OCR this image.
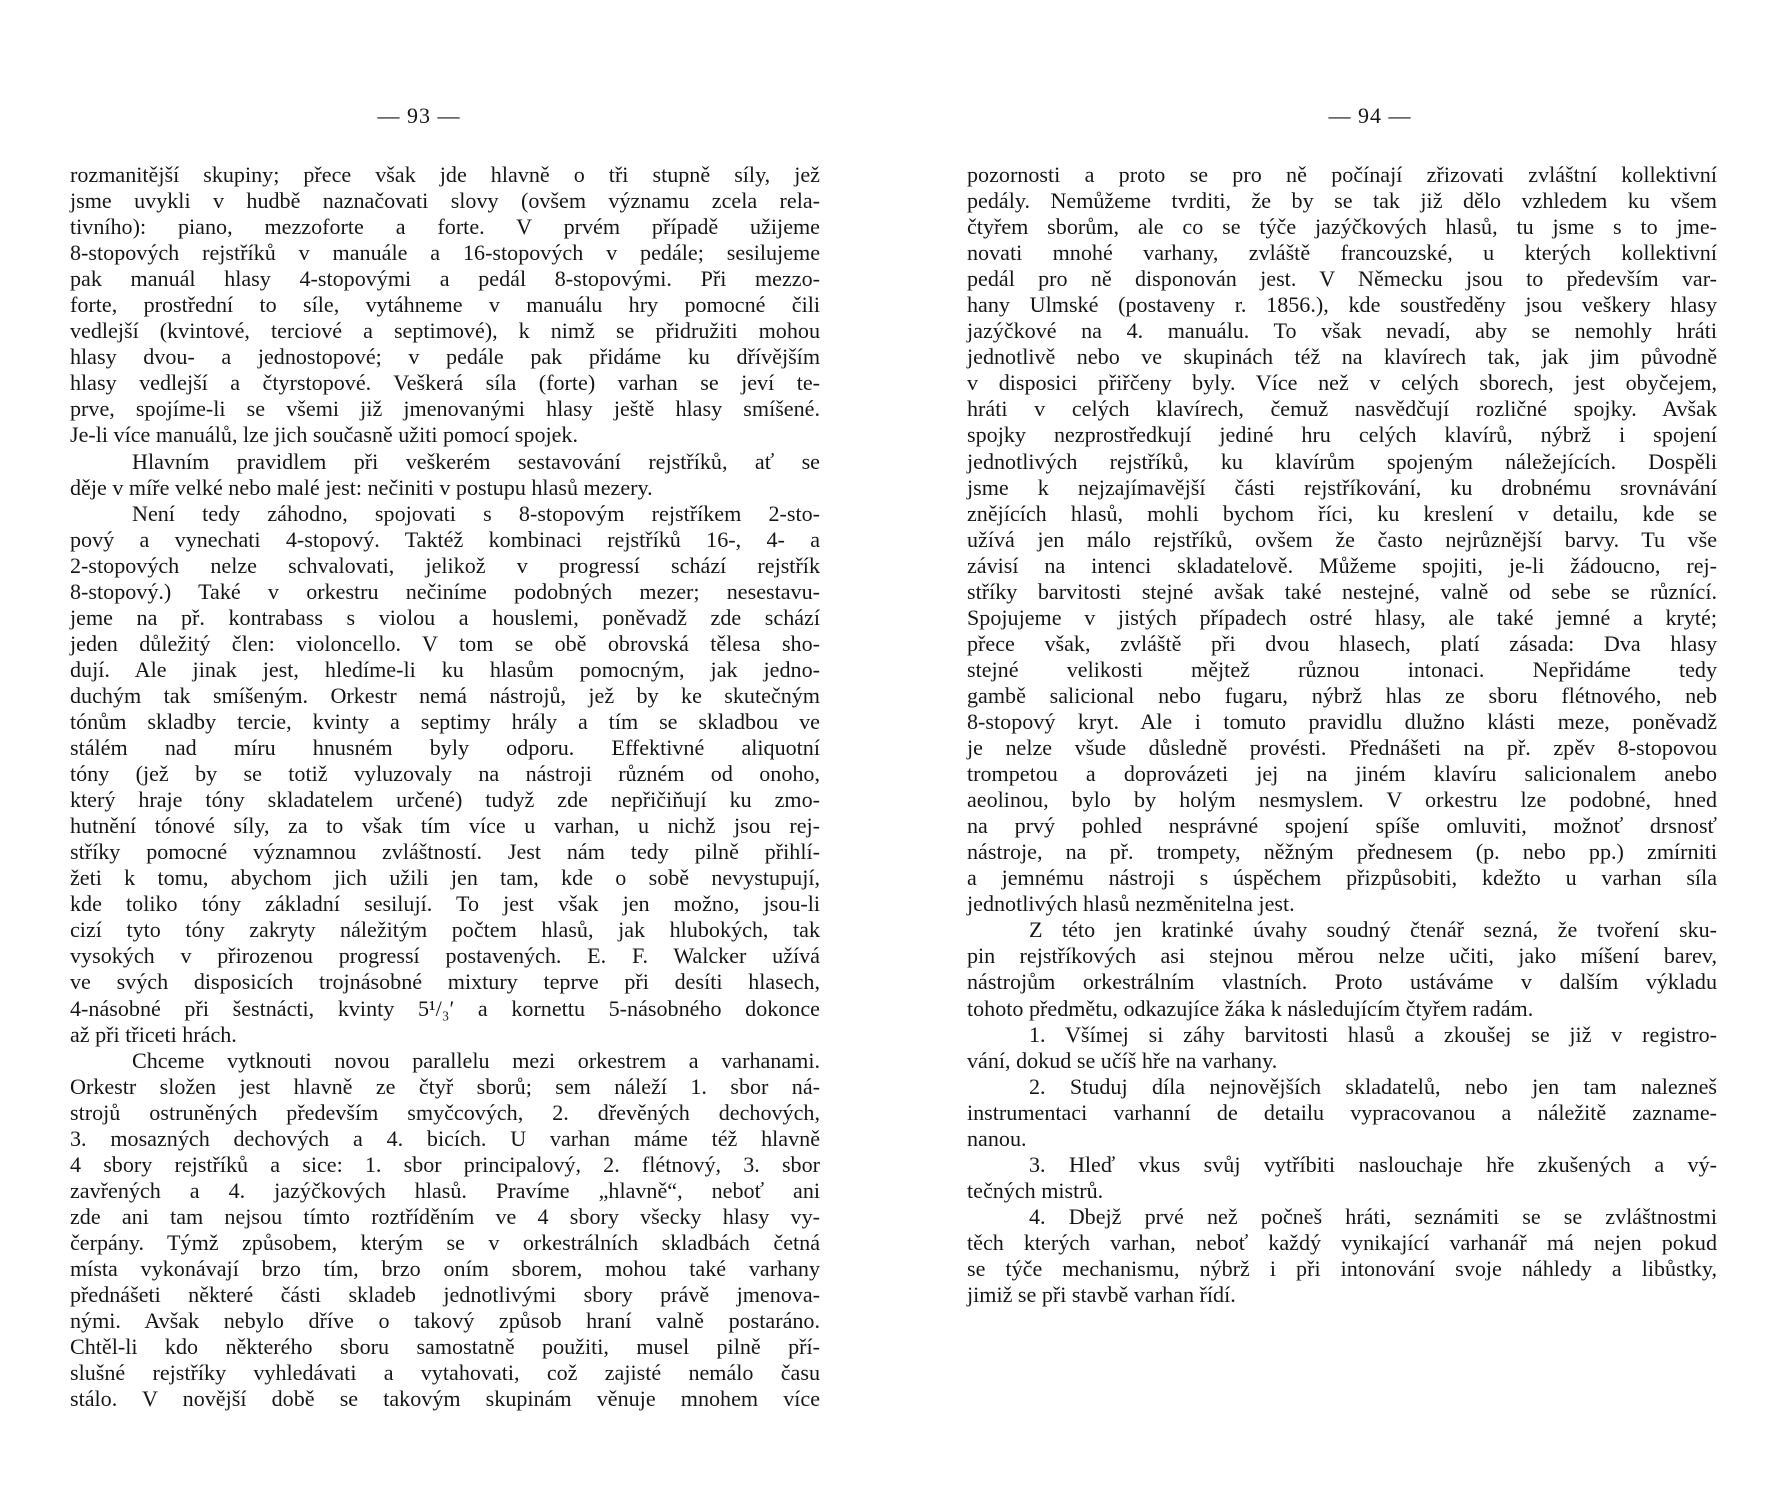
— 93 —
rozmanitější skupiny; přece však jde hlavně o tři stupně síly, jež
jsme uvykli v hudbě naznačovati slovy (ovšem významu zcela rela-
tivního): piano, mezzoforte a forte. V prvém případě užijeme
8-stopových rejstříků v manuále a 16-stopových v pedále; sesilujeme
pak manuál hlasy 4-stopovými a pedál 8-stopovými. Při mezzo-
forte, prostřední to síle, vytáhneme v manuálu hry pomocné čili
vedlejší (kvintové, terciové a septimové), k nimž se přidružiti mohou
hlasy dvou- a jednostopové; v pedále pak přidáme ku dřívějším
hlasy vedlejší a čtyrstopové. Veškerá síla (forte) varhan se jeví te-
prve, spojíme-li se všemi již jmenovanými hlasy ještě hlasy smíšené.
Je-li více manuálů, lze jich současně užiti pomocí spojek.
Hlavním pravidlem při veškerém sestavování rejstříků, ať se
děje v míře velké nebo malé jest: nečiniti v postupu hlasů mezery.
Není tedy záhodno, spojovati s 8-stopovým rejstříkem 2-sto-
pový a vynechati 4-stopový. Taktéž kombinaci rejstříků 16-, 4- a
2-stopových nelze schvalovati, jelikož v progressí schází rejstřík
8-stopový.) Také v orkestru nečiníme podobných mezer; nesestavu-
jeme na př. kontrabass s violou a houslemi, poněvadž zde schází
jeden důležitý člen: violoncello. V tom se obě obrovská tělesa sho-
dují. Ale jinak jest, hledíme-li ku hlasům pomocným, jak jedno-
duchým tak smíšeným. Orkestr nemá nástrojů, jež by ke skutečným
tónům skladby tercie, kvinty a septimy hrály a tím se skladbou ve
stálém nad míru hnusném byly odporu. Effektivné aliquotní
tóny (jež by se totiž vyluzovaly na nástroji různém od onoho,
který hraje tóny skladatelem určené) tudyž zde nepřičiňují ku zmo-
hutnění tónové síly, za to však tím více u varhan, u nichž jsou rej-
stříky pomocné významnou zvláštností. Jest nám tedy pilně přihlí-
žeti k tomu, abychom jich užili jen tam, kde o sobě nevystupují,
kde toliko tóny základní sesilují. To jest však jen možno, jsou-li
cizí tyto tóny zakryty náležitým počtem hlasů, jak hlubokých, tak
vysokých v přirozenou progressí postavených. E. F. Walcker užívá
ve svých disposicích trojnásobné mixtury teprve při desíti hlasech,
4-násobné při šestnácti, kvinty 5¹/₃′ a kornettu 5-násobného dokonce
až při třiceti hrách.
Chceme vytknouti novou parallelu mezi orkestrem a varhanami.
Orkestr složen jest hlavně ze čtyř sborů; sem náleží 1. sbor ná-
strojů ostruněných především smyčcových, 2. dřevěných dechových,
3. mosazných dechových a 4. bicích. U varhan máme též hlavně
4 sbory rejstříků a sice: 1. sbor principalový, 2. flétnový, 3. sbor
zavřených a 4. jazýčkových hlasů. Pravíme „hlavně“, neboť ani
zde ani tam nejsou tímto roztříděním ve 4 sbory všecky hlasy vy-
čerpány. Týmž způsobem, kterým se v orkestrálních skladbách četná
místa vykonávají brzo tím, brzo oním sborem, mohou také varhany
přednášeti některé části skladeb jednotlivými sbory právě jmenova-
nými. Avšak nebylo dříve o takový způsob hraní valně postaráno.
Chtěl-li kdo některého sboru samostatně použiti, musel pilně pří-
slušné rejstříky vyhledávati a vytahovati, což zajisté nemálo času
stálo. V novější době se takovým skupinám věnuje mnohem více
— 94 —
pozornosti a proto se pro ně počínají zřizovati zvláštní kollektivní
pedály. Nemůžeme tvrditi, že by se tak již dělo vzhledem ku všem
čtyřem sborům, ale co se týče jazýčkových hlasů, tu jsme s to jme-
novati mnohé varhany, zvláště francouzské, u kterých kollektivní
pedál pro ně disponován jest. V Německu jsou to především var-
hany Ulmské (postaveny r. 1856.), kde soustředěny jsou veškery hlasy
jazýčkové na 4. manuálu. To však nevadí, aby se nemohly hráti
jednotlivě nebo ve skupinách též na klavírech tak, jak jim původně
v disposici přiřčeny byly. Více než v celých sborech, jest obyčejem,
hráti v celých klavírech, čemuž nasvědčují rozličné spojky. Avšak
spojky nezprostředkují jediné hru celých klavírů, nýbrž i spojení
jednotlivých rejstříků, ku klavírům spojeným náležejících. Dospěli
jsme k nejzajímavější části rejstříkování, ku drobnému srovnávání
znějících hlasů, mohli bychom říci, ku kreslení v detailu, kde se
užívá jen málo rejstříků, ovšem že často nejrůznější barvy. Tu vše
závisí na intenci skladatelově. Můžeme spojiti, je-li žádoucno, rej-
stříky barvitosti stejné avšak také nestejné, valně od sebe se různící.
Spojujeme v jistých případech ostré hlasy, ale také jemné a kryté;
přece však, zvláště při dvou hlasech, platí zásada: Dva hlasy
stejné velikosti mějtež různou intonaci. Nepřidáme tedy
gambě salicional nebo fugaru, nýbrž hlas ze sboru flétnového, neb
8-stopový kryt. Ale i tomuto pravidlu dlužno klásti meze, poněvadž
je nelze všude důsledně provésti. Přednášeti na př. zpěv 8-stopovou
trompetou a doprovázeti jej na jiném klavíru salicionalem anebo
aeolinou, bylo by holým nesmyslem. V orkestru lze podobné, hned
na prvý pohled nesprávné spojení spíše omluviti, možnoť drsnosť
nástroje, na př. trompety, něžným přednesem (p. nebo pp.) zmírniti
a jemnému nástroji s úspěchem přizpůsobiti, kdežto u varhan síla
jednotlivých hlasů nezměnitelna jest.
Z této jen kratinké úvahy soudný čtenář sezná, že tvoření sku-
pin rejstříkových asi stejnou měrou nelze učiti, jako míšení barev,
nástrojům orkestrálním vlastních. Proto ustáváme v dalším výkladu
tohoto předmětu, odkazujíce žáka k následujícím čtyřem radám.
1. Všímej si záhy barvitosti hlasů a zkoušej se již v registro-
vání, dokud se učíš hře na varhany.
2. Studuj díla nejnovějších skladatelů, nebo jen tam nalezneš
instrumentaci varhanní de detailu vypracovanou a náležitě zazname-
nanou.
3. Hleď vkus svůj vytříbiti naslouchaje hře zkušených a vý-
tečných mistrů.
4. Dbejž prvé než počneš hráti, seznámiti se se zvláštnostmi
těch kterých varhan, neboť každý vynikající varhanář má nejen pokud
se týče mechanismu, nýbrž i při intonování svoje náhledy a libůstky,
jimiž se při stavbě varhan řídí.
